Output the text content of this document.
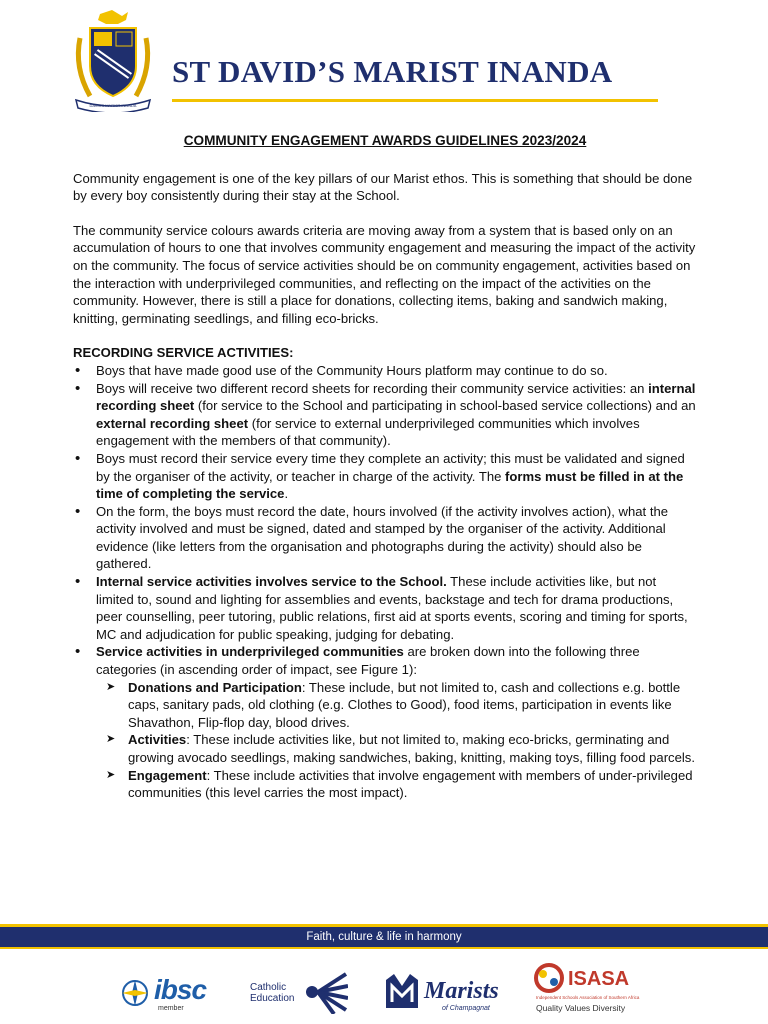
DAVIDS MARIST INANDA
ST DAVID’S MARIST INANDA
COMMUNITY ENGAGEMENT AWARDS GUIDELINES 2023/2024

Community engagement is one of the key pillars of our Marist ethos. This is something that should be done by every boy consistently during their stay at the School.

The community service colours awards criteria are moving away from a system that is based only on an accumulation of hours to one that involves community engagement and measuring the impact of the activity on the community. The focus of service activities should be on community engagement, activities based on the interaction with underprivileged communities, and reflecting on the impact of the activities on the community. However, there is still a place for donations, collecting items, baking and sandwich making, knitting, germinating seedlings, and filling eco-bricks.

RECORDING SERVICE ACTIVITIES:
• Boys that have made good use of the Community Hours platform may continue to do so.
• Boys will receive two different record sheets for recording their community service activities: an internal recording sheet (for service to the School and participating in school-based service collections) and an external recording sheet (for service to external underprivileged communities which involves engagement with the members of that community).
• Boys must record their service every time they complete an activity; this must be validated and signed by the organiser of the activity, or teacher in charge of the activity. The forms must be filled in at the time of completing the service.
• On the form, the boys must record the date, hours involved (if the activity involves action), what the activity involved and must be signed, dated and stamped by the organiser of the activity. Additional evidence (like letters from the organisation and photographs during the activity) should also be gathered.
• Internal service activities involves service to the School. These include activities like, but not limited to, sound and lighting for assemblies and events, backstage and tech for drama productions, peer counselling, peer tutoring, public relations, first aid at sports events, scoring and timing for sports, MC and adjudication for public speaking, judging for debating.
• Service activities in underprivileged communities are broken down into the following three categories (in ascending order of impact, see Figure 1):
➤ Donations and Participation: These include, but not limited to, cash and collections e.g. bottle caps, sanitary pads, old clothing (e.g. Clothes to Good), food items, participation in events like Shavathon, Flip-flop day, blood drives.
➤ Activities: These include activities like, but not limited to, making eco-bricks, germinating and growing avocado seedlings, making sandwiches, baking, knitting, making toys, filling food parcels.
➤ Engagement: These include activities that involve engagement with members of under-privileged communities (this level carries the most impact).
Faith, culture & life in harmony
ibsc
member
Catholic
Education	Marists
of Champagnat
ISASA
Independent Schools Association of Southern Africa
Quality Values Diversity
